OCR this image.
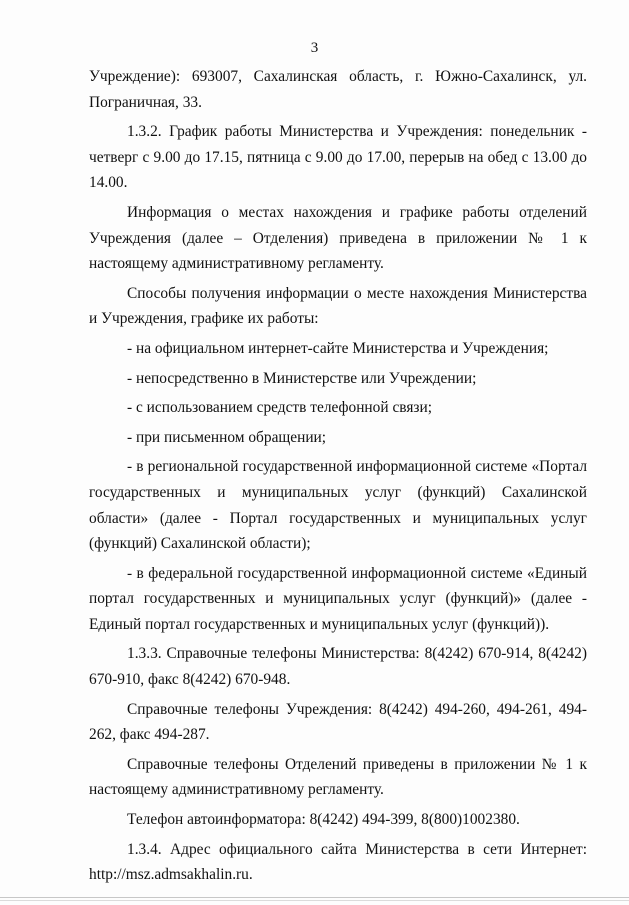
3

Учреждение): 693007, Сахалинская область, г. Южно-Сахалинск, ул. Пограничная, 33.

1.3.2. График работы Министерства и Учреждения: понедельник - четверг с 9.00 до 17.15, пятница с 9.00 до 17.00, перерыв на обед с 13.00 до 14.00.

Информация о местах нахождения и графике работы отделений Учреждения (далее – Отделения) приведена в приложении № 1 к настоящему административному регламенту.

Способы получения информации о месте нахождения Министерства и Учреждения, графике их работы:

- на официальном интернет-сайте Министерства и Учреждения;

- непосредственно в Министерстве или Учреждении;

- с использованием средств телефонной связи;

- при письменном обращении;

- в региональной государственной информационной системе «Портал государственных и муниципальных услуг (функций) Сахалинской области» (далее - Портал государственных и муниципальных услуг (функций) Сахалинской области);

- в федеральной государственной информационной системе «Единый портал государственных и муниципальных услуг (функций)» (далее - Единый портал государственных и муниципальных услуг (функций)).

1.3.3. Справочные телефоны Министерства: 8(4242) 670-914, 8(4242) 670-910, факс 8(4242) 670-948.

Справочные телефоны Учреждения: 8(4242) 494-260, 494-261, 494-262, факс 494-287.

Справочные телефоны Отделений приведены в приложении № 1 к настоящему административному регламенту.

Телефон автоинформатора: 8(4242) 494-399, 8(800)1002380.

1.3.4. Адрес официального сайта Министерства в сети Интернет: http://msz.admsakhalin.ru.
